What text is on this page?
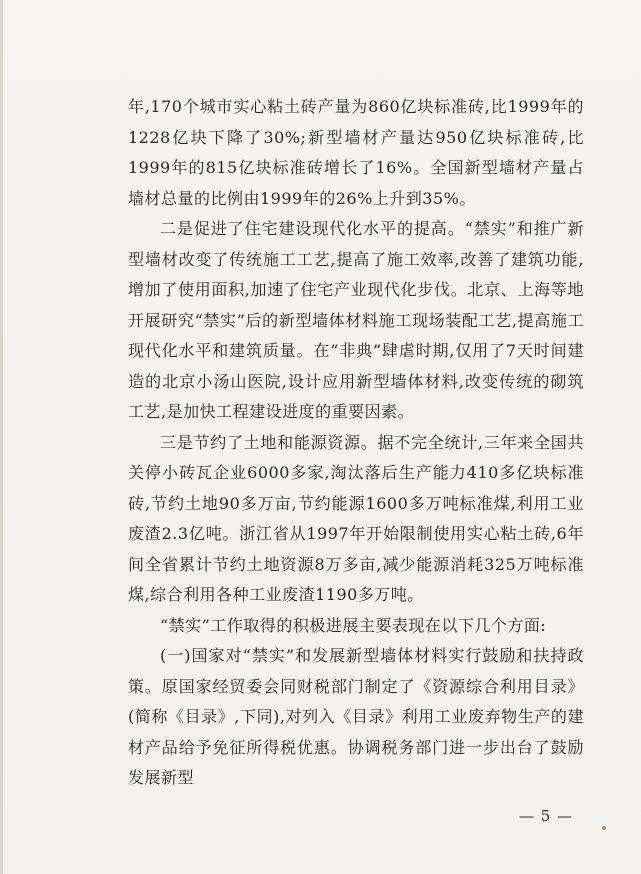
年,170个城市实心粘土砖产量为860亿块标准砖,比1999年的1228亿块下降了30%;新型墙材产量达950亿块标准砖,比1999年的815亿块标准砖增长了16%。全国新型墙材产量占墙材总量的比例由1999年的26%上升到35%。

二是促进了住宅建设现代化水平的提高。“禁实”和推广新型墙材改变了传统施工工艺,提高了施工效率,改善了建筑功能,增加了使用面积,加速了住宅产业现代化步伐。北京、上海等地开展研究“禁实”后的新型墙体材料施工现场装配工艺,提高施工现代化水平和建筑质量。在“非典”肆虐时期,仅用了7天时间建造的北京小汤山医院,设计应用新型墙体材料,改变传统的砌筑工艺,是加快工程建设进度的重要因素。

三是节约了土地和能源资源。据不完全统计,三年来全国共关停小砖瓦企业6000多家,淘汰落后生产能力410多亿块标准砖,节约土地90多万亩,节约能源1600多万吨标准煤,利用工业废渣2.3亿吨。浙江省从1997年开始限制使用实心粘土砖,6年间全省累计节约土地资源8万多亩,减少能源消耗325万吨标准煤,综合利用各种工业废渣1190多万吨。

“禁实”工作取得的积极进展主要表现在以下几个方面:

(一)国家对“禁实”和发展新型墙体材料实行鼓励和扶持政策。原国家经贸委会同财税部门制定了《资源综合利用目录》(简称《目录》,下同),对列入《目录》利用工业废弃物生产的建材产品给予免征所得税优惠。协调税务部门进一步出台了鼓励发展新型

— 5 —
